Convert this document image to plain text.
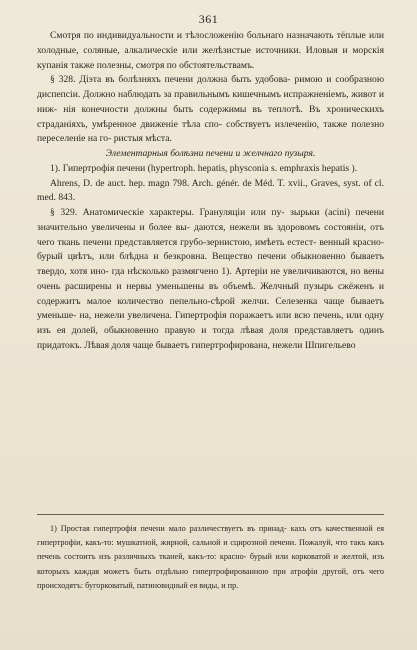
361

Смотря по индивидуальности и тѣлосложенію больнаго назначають тёплые или холодные, соляные, алкалическіе или желѣзистые источники. Иловыя и морскія купанія также полезны, смотря по обстоятельствамъ.

§ 328. Діэта въ болѣзняхъ печени должна быть удобова- римою и сообразною диспепсіи. Должно наблюдать за правильнымъ кишечнымъ испражненіемъ, живот и ниж- нія конечности должны быть содержимы въ теплотѣ. Въ хроническихъ страданіяхъ, умѣренное движеніе тѣла спо- собствуетъ излеченію, также полезно переселеніе на го- ристыя мѣста.

Элементарныя болѣзни печени и желчнаго пузыря.

1). Гипертрофія печени (hypertroph. hepatis, physconia s. emphraxis hepatis ).

Ahrens, D. de auct. hep. magn 798. Arch. génér. de Méd. T. xvii., Graves, syst. of cl. med. 843.

§ 329. Анатомическіе характеры. Грануляціи или пу- зырьки (acini) печени значительно увеличены и более вы- даются, нежели въ здоровомъ состояніи, отъ чего ткань печени представляется грубо-зернистою, имѣеть естест- венный красно-бурый цвѣтъ, или блѣдна и безкровна. Вещество печени обыкновенно бываетъ твердо, хотя ино- гда нѣсколько размягчено 1). Артеріи не увеличиваются, но вены очень расширены и нервы уменьшены въ объемѣ. Желчный пузырь сжёженъ и содержитъ малое количество пепельно-сѣрой желчи. Селезенка чаще бываетъ уменьше- на, нежели увеличена. Гипертрофія поражаетъ или всю печень, или одну изъ ея долей, обыкновенно правую и тогда лѣвая доля представляетъ одинъ придатокъ. Лѣвая доля чаще бываетъ гипертрофирована, нежели Шпигельево

1) Простая гипертрофія печени мало различествуетъ въ принад- кахъ отъ качественной ея гипертрофіи, какъ-то: мушкатной, жирной, сальной и сцирозной печени. Пожалуй, что такъ какъ печень состоитъ изъ различныхъ тканей, какъ-то: красно- бурый или корковатой и желтой, изъ которыхъ каждая можетъ быть отдѣльно гипертрофированною при атрофіи другой, отъ чего происходятъ: бугорковатый, патиновидный ея виды, и пр.
